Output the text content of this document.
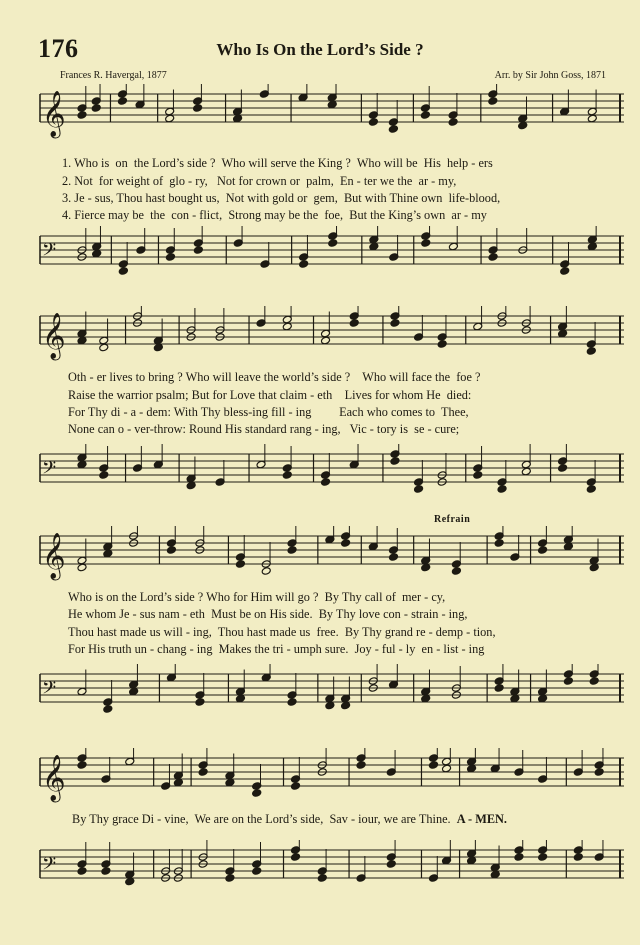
176	Who Is On the Lord’s Side ?
Frances R. Havergal, 1877	Arr. by Sir John Goss, 1871
𝄞
1. Who is on the Lord’s side ? Who will serve the King ? Who will be His help - ers
2. Not for weight of glo - ry, Not for crown or palm, En - ter we the ar - my,
3. Je - sus, Thou hast bought us, Not with gold or gem, But with Thine own life-blood,
4. Fierce may be the con - flict, Strong may be the foe, But the King’s own ar - my
𝄢
𝄞
Oth - er lives to bring ? Who will leave the world’s side ? Who will face the foe ?
Raise the warrior psalm; But for Love that claim - eth Lives for whom He died:
For Thy di - a - dem: With Thy bless-ing fill - ing Each who comes to Thee,
None can o - ver-throw: Round His standard rang - ing, Vic - tory is se - cure;
𝄢
Refrain
𝄞
Who is on the Lord’s side ? Who for Him will go ? By Thy call of mer - cy,
He whom Je - sus nam - eth Must be on His side. By Thy love con - strain - ing,
Thou hast made us will - ing, Thou hast made us free. By Thy grand re - demp - tion,
For His truth un - chang - ing Makes the tri - umph sure. Joy - ful - ly en - list - ing
𝄢
𝄞
By Thy grace Di - vine, We are on the Lord’s side, Sav - iour, we are Thine. A - MEN.
𝄢
